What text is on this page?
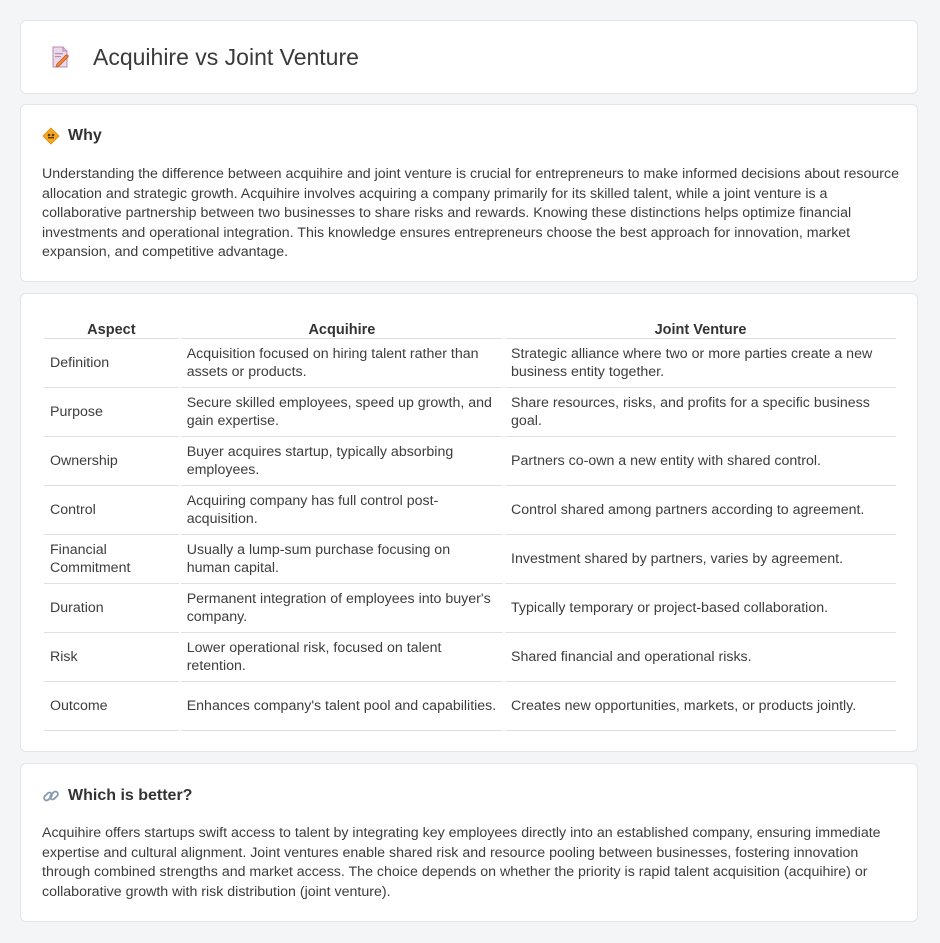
Acquihire vs Joint Venture
Why
Understanding the difference between acquihire and joint venture is crucial for entrepreneurs to make informed decisions about resource allocation and strategic growth. Acquihire involves acquiring a company primarily for its skilled talent, while a joint venture is a collaborative partnership between two businesses to share risks and rewards. Knowing these distinctions helps optimize financial investments and operational integration. This knowledge ensures entrepreneurs choose the best approach for innovation, market expansion, and competitive advantage.
Aspect	Acquihire	Joint Venture
Definition	Acquisition focused on hiring talent rather than assets or products.	Strategic alliance where two or more parties create a new business entity together.
Purpose	Secure skilled employees, speed up growth, and gain expertise.	Share resources, risks, and profits for a specific business goal.
Ownership	Buyer acquires startup, typically absorbing employees.	Partners co-own a new entity with shared control.
Control	Acquiring company has full control post-acquisition.	Control shared among partners according to agreement.
Financial Commitment	Usually a lump-sum purchase focusing on human capital.	Investment shared by partners, varies by agreement.
Duration	Permanent integration of employees into buyer's company.	Typically temporary or project-based collaboration.
Risk	Lower operational risk, focused on talent retention.	Shared financial and operational risks.
Outcome	Enhances company's talent pool and capabilities.	Creates new opportunities, markets, or products jointly.
Which is better?
Acquihire offers startups swift access to talent by integrating key employees directly into an established company, ensuring immediate expertise and cultural alignment. Joint ventures enable shared risk and resource pooling between businesses, fostering innovation through combined strengths and market access. The choice depends on whether the priority is rapid talent acquisition (acquihire) or collaborative growth with risk distribution (joint venture).
